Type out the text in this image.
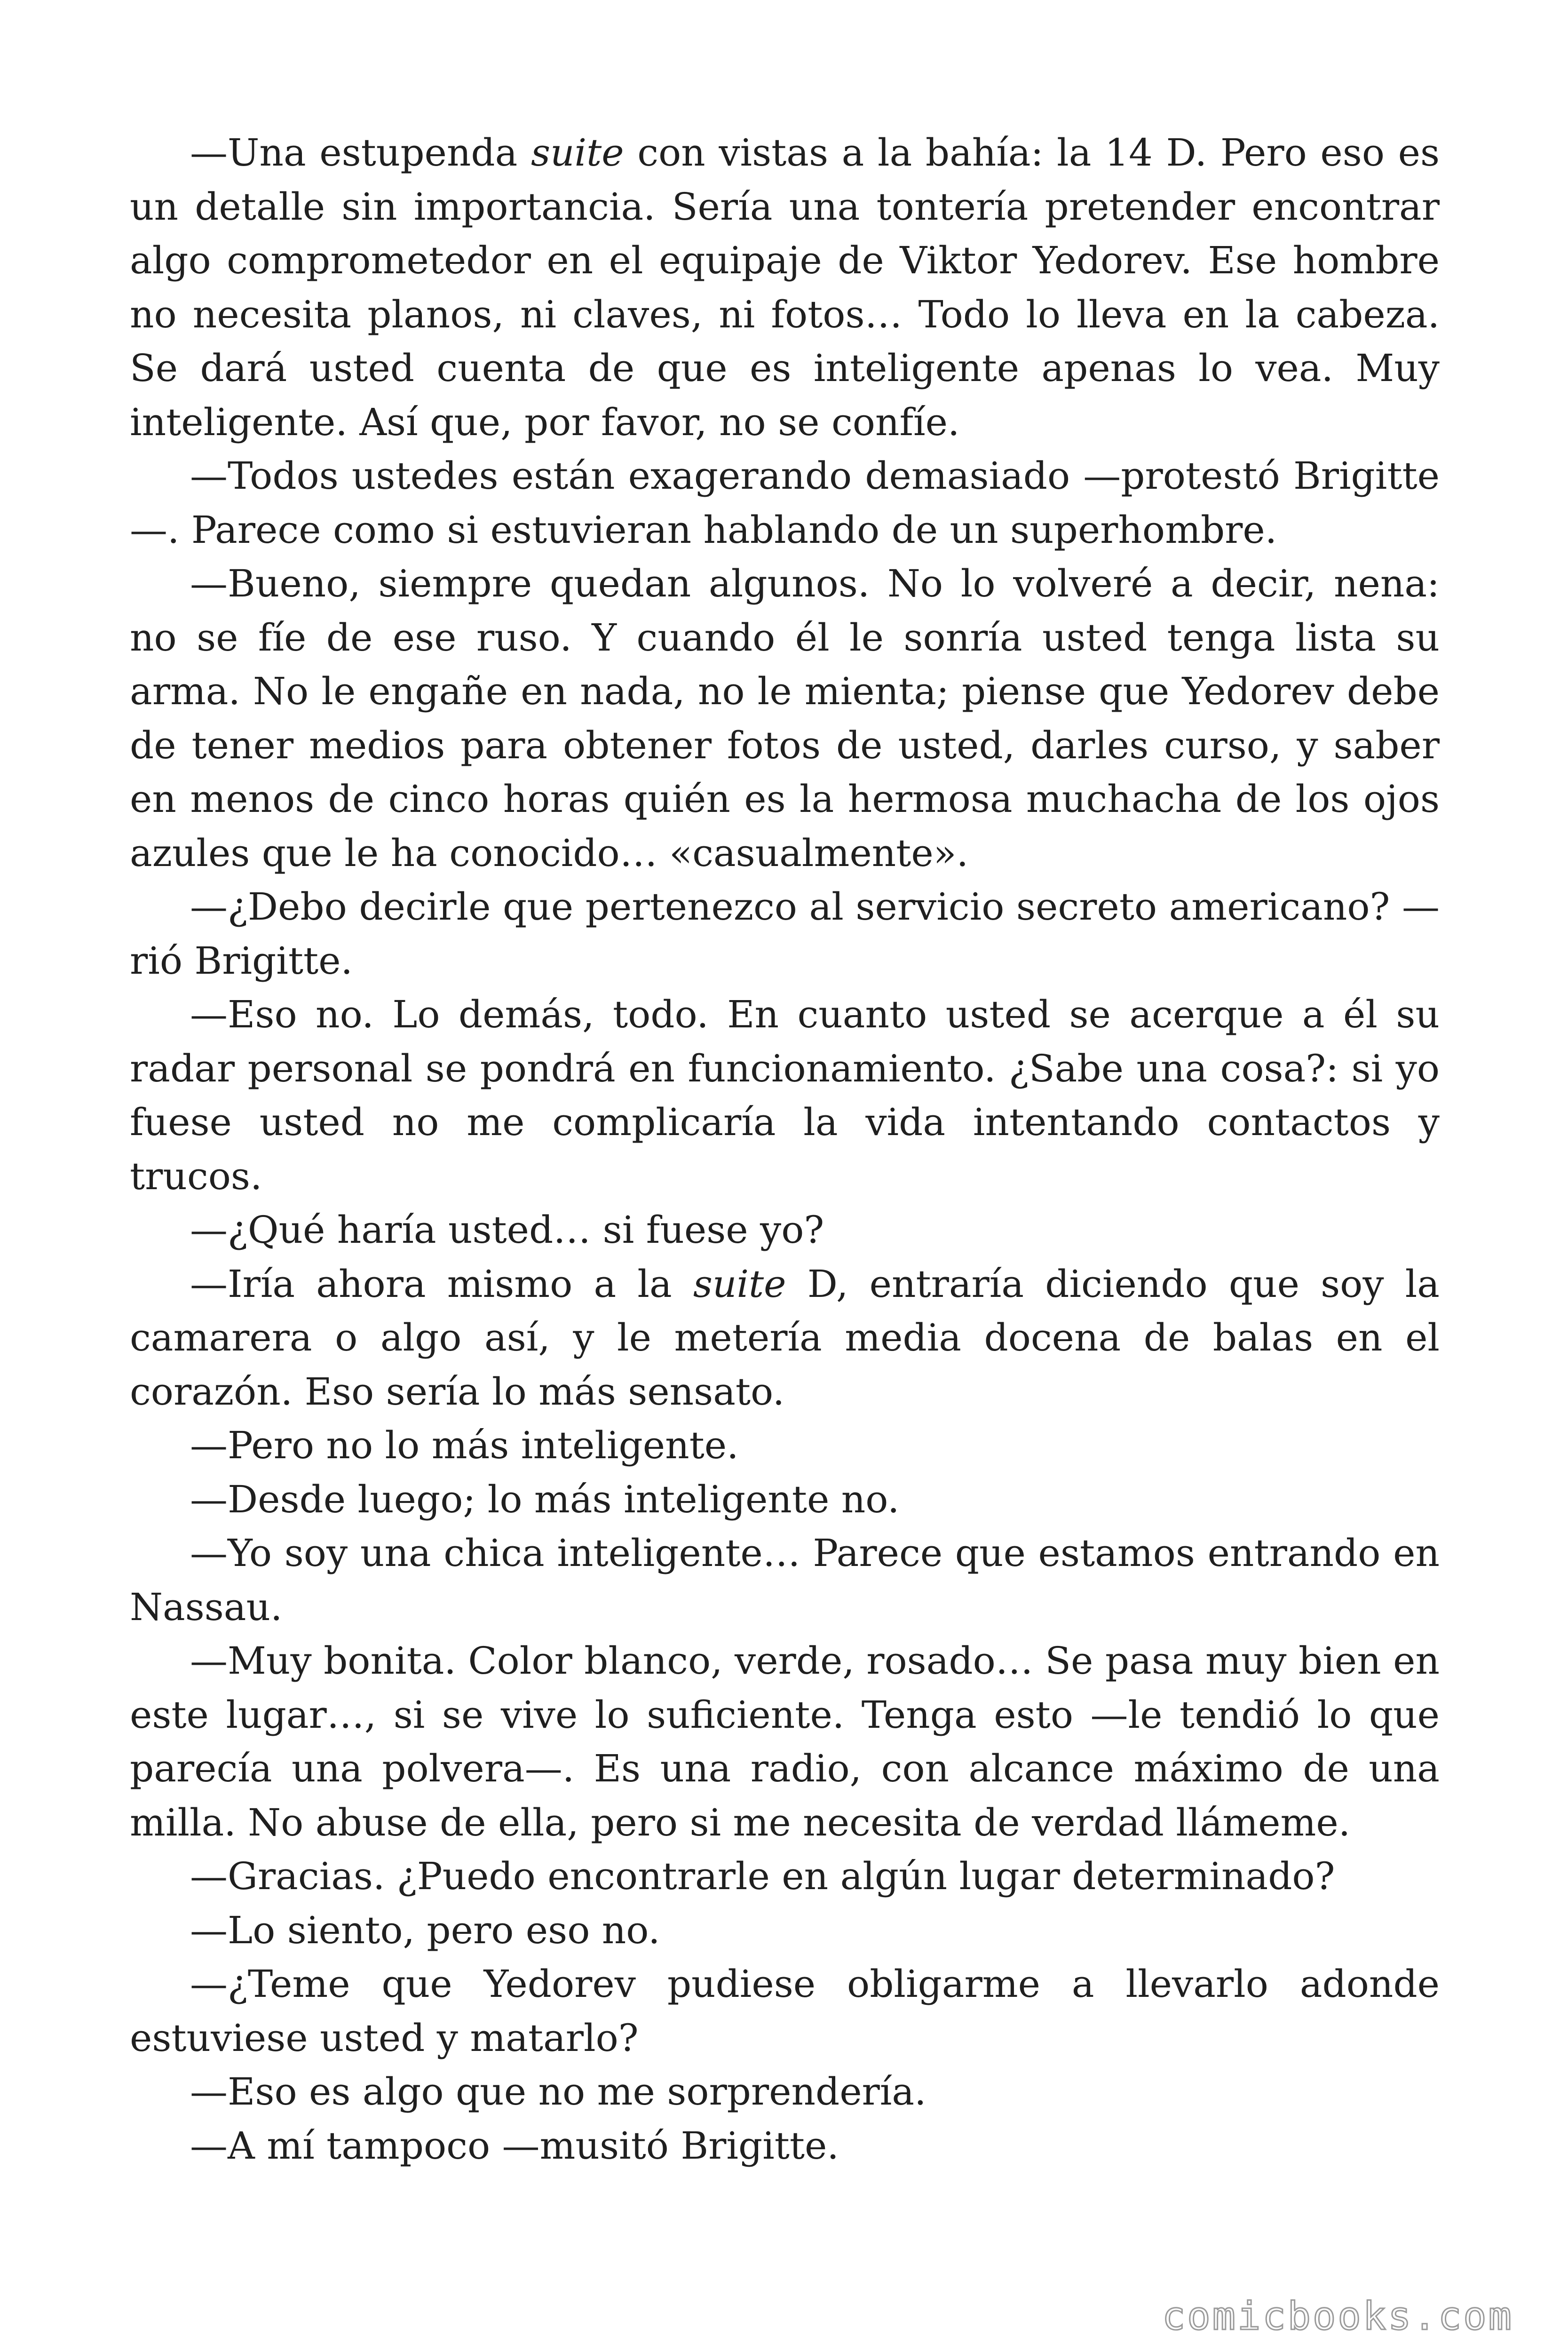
—Una estupenda suite con vistas a la bahía: la 14 D. Pero eso es un detalle sin importancia. Sería una tontería pretender encontrar algo comprometedor en el equipaje de Viktor Yedorev. Ese hombre no necesita planos, ni claves, ni fotos… Todo lo lleva en la cabeza. Se dará usted cuenta de que es inteligente apenas lo vea. Muy inteligente. Así que, por favor, no se confíe.

—Todos ustedes están exagerando demasiado —protestó Brigitte —. Parece como si estuvieran hablando de un superhombre.

—Bueno, siempre quedan algunos. No lo volveré a decir, nena: no se fíe de ese ruso. Y cuando él le sonría usted tenga lista su arma. No le engañe en nada, no le mienta; piense que Yedorev debe de tener medios para obtener fotos de usted, darles curso, y saber en menos de cinco horas quién es la hermosa muchacha de los ojos azules que le ha conocido… «casualmente».

—¿Debo decirle que pertenezco al servicio secreto americano? —rió Brigitte.

—Eso no. Lo demás, todo. En cuanto usted se acerque a él su radar personal se pondrá en funcionamiento. ¿Sabe una cosa?: si yo fuese usted no me complicaría la vida intentando contactos y trucos.

—¿Qué haría usted… si fuese yo?

—Iría ahora mismo a la suite D, entraría diciendo que soy la camarera o algo así, y le metería media docena de balas en el corazón. Eso sería lo más sensato.

—Pero no lo más inteligente.

—Desde luego; lo más inteligente no.

—Yo soy una chica inteligente… Parece que estamos entrando en Nassau.

—Muy bonita. Color blanco, verde, rosado… Se pasa muy bien en este lugar…, si se vive lo suficiente. Tenga esto —le tendió lo que parecía una polvera—. Es una radio, con alcance máximo de una milla. No abuse de ella, pero si me necesita de verdad llámeme.

—Gracias. ¿Puedo encontrarle en algún lugar determinado?

—Lo siento, pero eso no.

—¿Teme que Yedorev pudiese obligarme a llevarlo adonde estuviese usted y matarlo?

—Eso es algo que no me sorprendería.

—A mí tampoco —musitó Brigitte.

comicbooks.com
